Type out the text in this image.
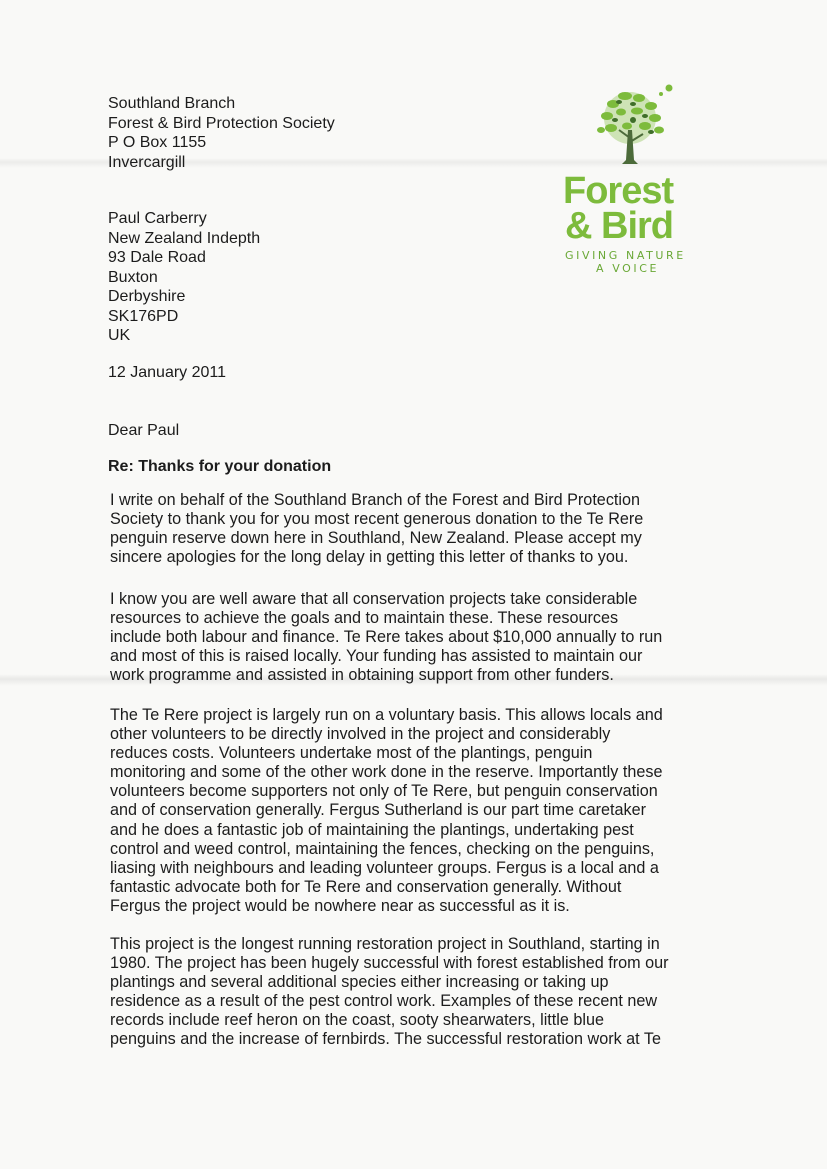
Southland Branch
Forest & Bird Protection Society
P O Box 1155
Invercargill
Paul Carberry
New Zealand Indepth
93 Dale Road
Buxton
Derbyshire
SK176PD
UK
12 January 2011
Dear Paul
Re: Thanks for your donation
I write on behalf of the Southland Branch of the Forest and Bird Protection
Society to thank you for you most recent generous donation to the Te Rere
penguin reserve down here in Southland, New Zealand. Please accept my
sincere apologies for the long delay in getting this letter of thanks to you.
I know you are well aware that all conservation projects take considerable
resources to achieve the goals and to maintain these. These resources
include both labour and finance. Te Rere takes about $10,000 annually to run
and most of this is raised locally. Your funding has assisted to maintain our
work programme and assisted in obtaining support from other funders.
The Te Rere project is largely run on a voluntary basis. This allows locals and
other volunteers to be directly involved in the project and considerably
reduces costs. Volunteers undertake most of the plantings, penguin
monitoring and some of the other work done in the reserve. Importantly these
volunteers become supporters not only of Te Rere, but penguin conservation
and of conservation generally. Fergus Sutherland is our part time caretaker
and he does a fantastic job of maintaining the plantings, undertaking pest
control and weed control, maintaining the fences, checking on the penguins,
liasing with neighbours and leading volunteer groups. Fergus is a local and a
fantastic advocate both for Te Rere and conservation generally. Without
Fergus the project would be nowhere near as successful as it is.
This project is the longest running restoration project in Southland, starting in
1980. The project has been hugely successful with forest established from our
plantings and several additional species either increasing or taking up
residence as a result of the pest control work. Examples of these recent new
records include reef heron on the coast, sooty shearwaters, little blue
penguins and the increase of fernbirds. The successful restoration work at Te
Forest
& Bird
GIVING NATURE
A VOICE
